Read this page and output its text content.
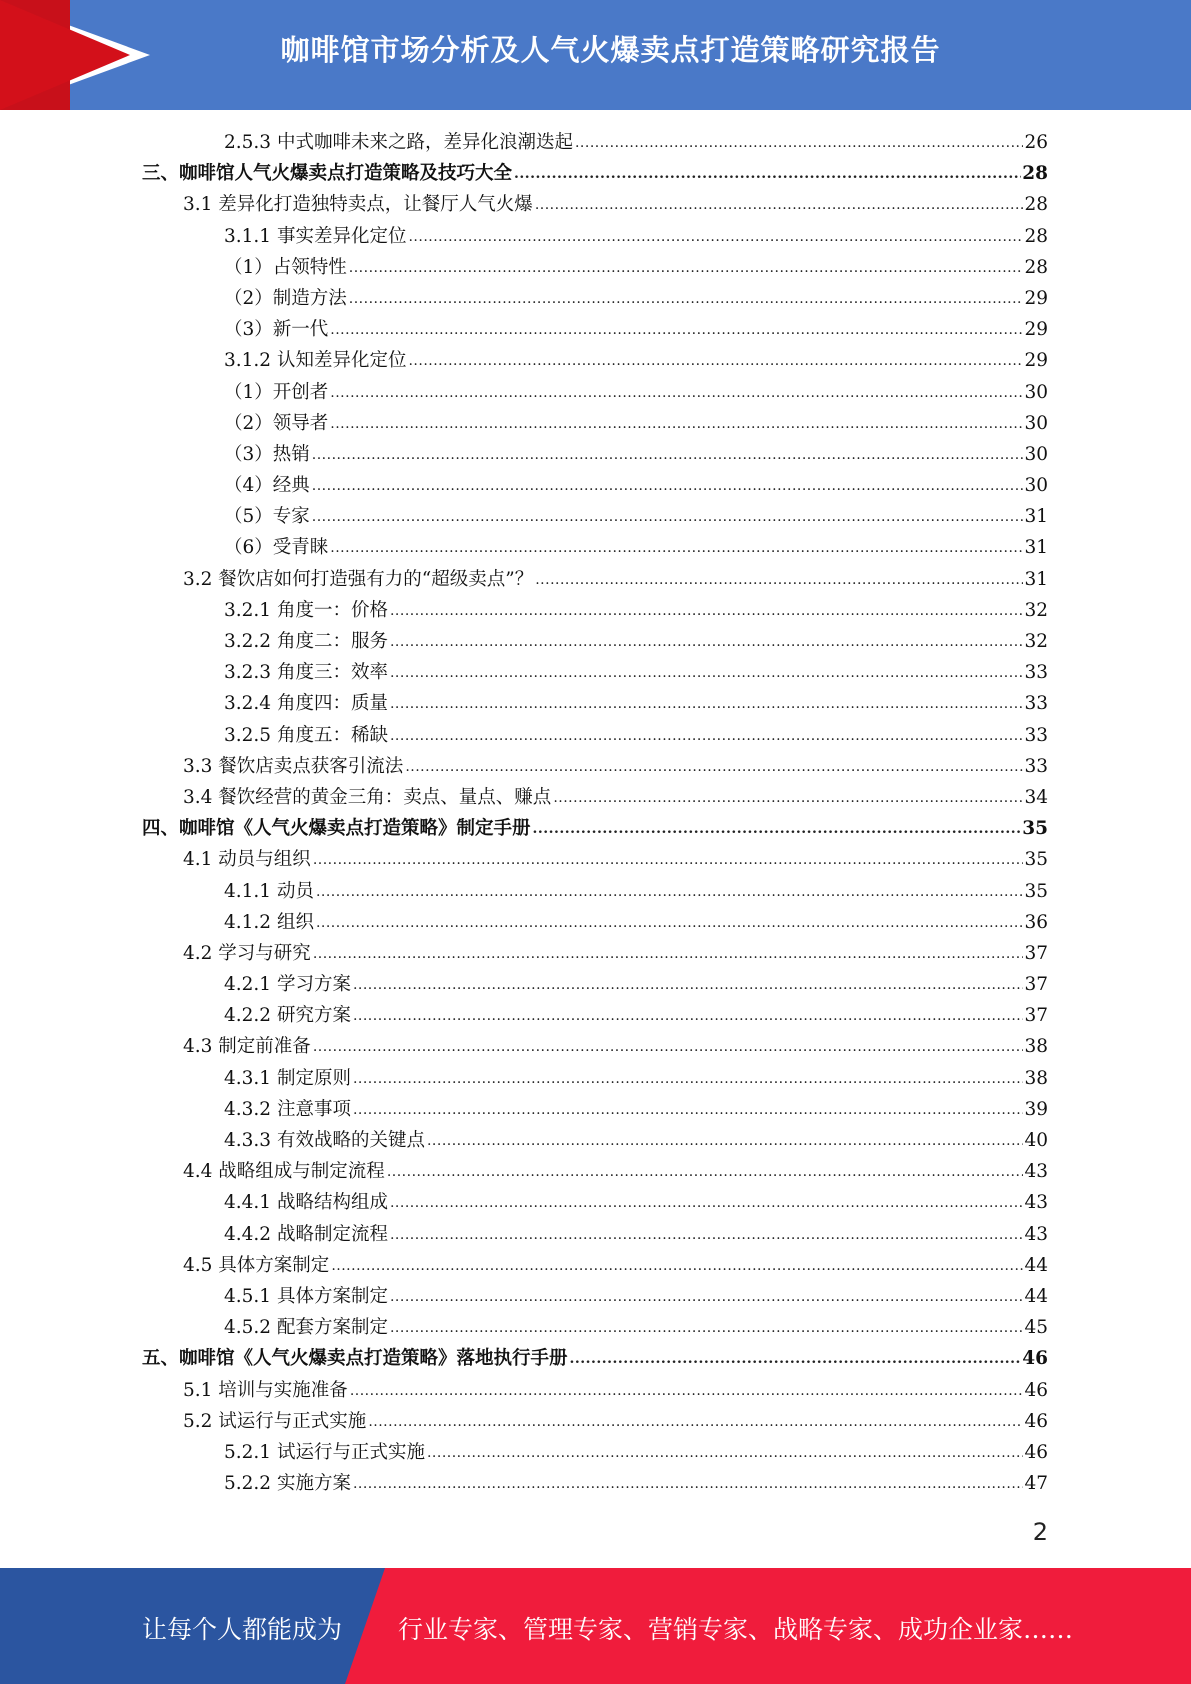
咖啡馆市场分析及人气火爆卖点打造策略研究报告
2.5.3 中式咖啡未来之路，差异化浪潮迭起 .....	26
三、咖啡馆人气火爆卖点打造策略及技巧大全 .....	28
3.1 差异化打造独特卖点，让餐厅人气火爆 .....	28
3.1.1 事实差异化定位 .....	28
（1）占领特性 .....	28
（2）制造方法 .....	29
（3）新一代 .....	29
3.1.2 认知差异化定位 .....	29
（1）开创者 .....	30
（2）领导者 .....	30
（3）热销 .....	30
（4）经典 .....	30
（5）专家 .....	31
（6）受青睐 .....	31
3.2 餐饮店如何打造强有力的“超级卖点”？ .....	31
3.2.1 角度一：价格 .....	32
3.2.2 角度二：服务 .....	32
3.2.3 角度三：效率 .....	33
3.2.4 角度四：质量 .....	33
3.2.5 角度五：稀缺 .....	33
3.3 餐饮店卖点获客引流法 .....	33
3.4 餐饮经营的黄金三角：卖点、量点、赚点 .....	34
四、咖啡馆《人气火爆卖点打造策略》制定手册 .....	35
4.1 动员与组织 .....	35
4.1.1 动员 .....	35
4.1.2 组织 .....	36
4.2 学习与研究 .....	37
4.2.1 学习方案 .....	37
4.2.2 研究方案 .....	37
4.3 制定前准备 .....	38
4.3.1 制定原则 .....	38
4.3.2 注意事项 .....	39
4.3.3 有效战略的关键点 .....	40
4.4 战略组成与制定流程 .....	43
4.4.1 战略结构组成 .....	43
4.4.2 战略制定流程 .....	43
4.5 具体方案制定 .....	44
4.5.1 具体方案制定 .....	44
4.5.2 配套方案制定 .....	45
五、咖啡馆《人气火爆卖点打造策略》落地执行手册 .....	46
5.1 培训与实施准备 .....	46
5.2 试运行与正式实施 .....	46
5.2.1 试运行与正式实施 .....	46
5.2.2 实施方案 .....	47
2
让每个人都能成为 行业专家、管理专家、营销专家、战略专家、成功企业家……
